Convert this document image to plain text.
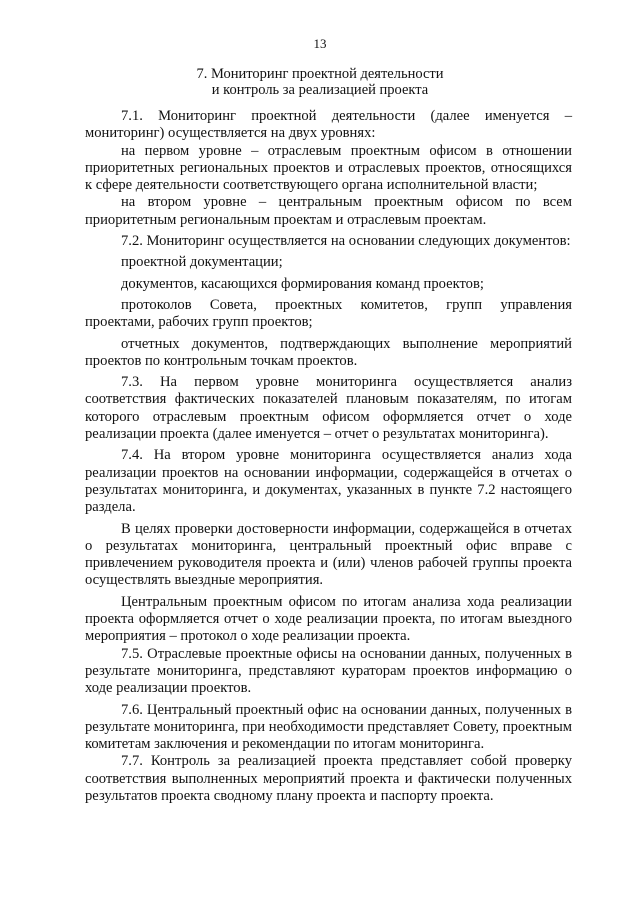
13
7. Мониторинг проектной деятельности
и контроль за реализацией проекта

7.1. Мониторинг проектной деятельности (далее именуется – мониторинг) осуществляется на двух уровнях:

на первом уровне – отраслевым проектным офисом в отношении приоритетных региональных проектов и отраслевых проектов, относящихся к сфере деятельности соответствующего органа исполнительной власти;

на втором уровне – центральным проектным офисом по всем приоритетным региональным проектам и отраслевым проектам.

7.2. Мониторинг осуществляется на основании следующих документов:

проектной документации;

документов, касающихся формирования команд проектов;

протоколов Совета, проектных комитетов, групп управления проектами, рабочих групп проектов;

отчетных документов, подтверждающих выполнение мероприятий проектов по контрольным точкам проектов.

7.3. На первом уровне мониторинга осуществляется анализ соответствия фактических показателей плановым показателям, по итогам которого отраслевым проектным офисом оформляется отчет о ходе реализации проекта (далее именуется – отчет о результатах мониторинга).

7.4. На втором уровне мониторинга осуществляется анализ хода реализации проектов на основании информации, содержащейся в отчетах о результатах мониторинга, и документах, указанных в пункте 7.2 настоящего раздела.

В целях проверки достоверности информации, содержащейся в отчетах о результатах мониторинга, центральный проектный офис вправе с привлечением руководителя проекта и (или) членов рабочей группы проекта осуществлять выездные мероприятия.

Центральным проектным офисом по итогам анализа хода реализации проекта оформляется отчет о ходе реализации проекта, по итогам выездного мероприятия – протокол о ходе реализации проекта.

7.5. Отраслевые проектные офисы на основании данных, полученных в результате мониторинга, представляют кураторам проектов информацию о ходе реализации проектов.

7.6. Центральный проектный офис на основании данных, полученных в результате мониторинга, при необходимости представляет Совету, проектным комитетам заключения и рекомендации по итогам мониторинга.

7.7. Контроль за реализацией проекта представляет собой проверку соответствия выполненных мероприятий проекта и фактически полученных результатов проекта сводному плану проекта и паспорту проекта.
